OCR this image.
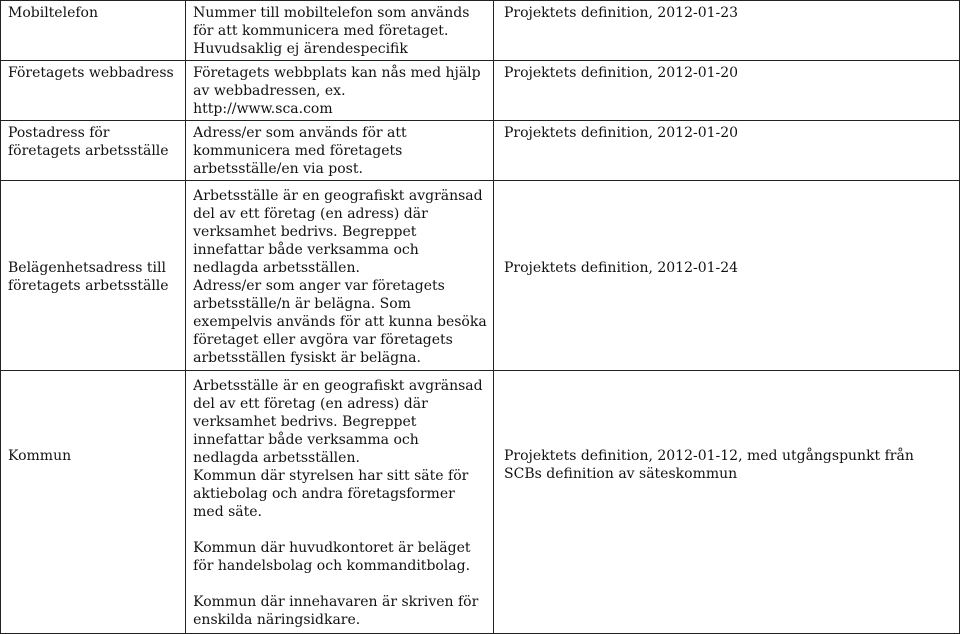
Mobiltelefon	Nummer till mobiltelefon som används för att kommunicera med företaget. Huvudsaklig ej ärendespecifik	Projektets definition, 2012-01-23
Företagets webbadress	Företagets webbplats kan nås med hjälp av webbadressen, ex. http://www.sca.com	Projektets definition, 2012-01-20
Postadress för företagets arbetsställe	Adress/er som används för att kommunicera med företagets arbetsställe/en via post.	Projektets definition, 2012-01-20
Belägenhetsadress till företagets arbetsställe	Arbetsställe är en geografiskt avgränsad del av ett företag (en adress) där verksamhet bedrivs. Begreppet innefattar både verksamma och nedlagda arbetsställen.

Adress/er som anger var företagets arbetsställe/n är belägna. Som exempelvis används för att kunna besöka företaget eller avgöra var företagets arbetsställen fysiskt är belägna.	Projektets definition, 2012-01-24
Kommun	Arbetsställe är en geografiskt avgränsad del av ett företag (en adress) där verksamhet bedrivs. Begreppet innefattar både verksamma och nedlagda arbetsställen.

Kommun där styrelsen har sitt säte för aktiebolag och andra företagsformer med säte.

Kommun där huvudkontoret är beläget för handelsbolag och kommanditbolag.

Kommun där innehavaren är skriven för enskilda näringsidkare.	Projektets definition, 2012-01-12, med utgångspunkt från SCBs definition av säteskommun
